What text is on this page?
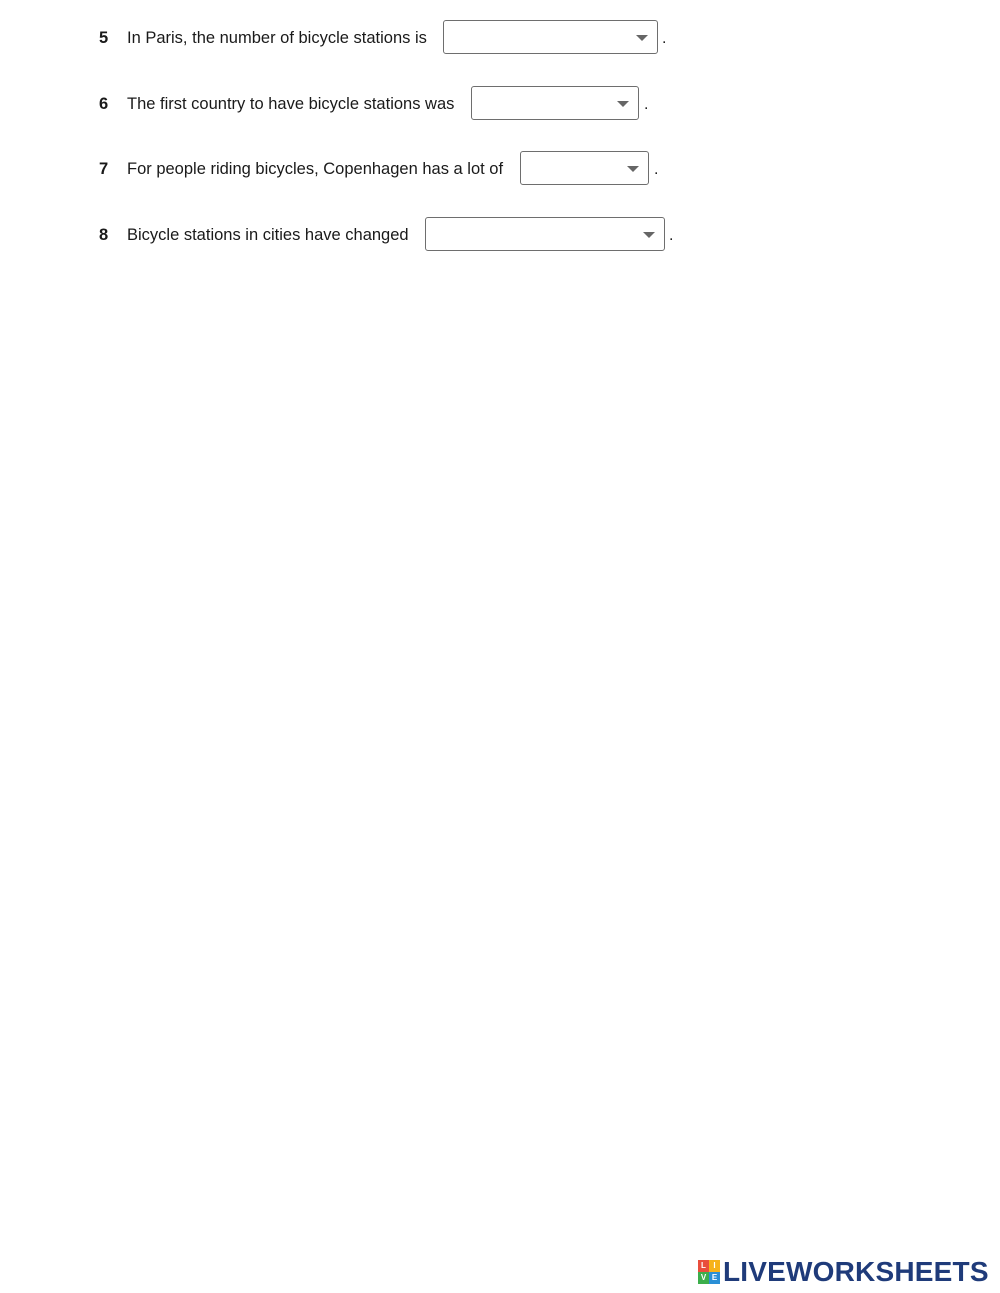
5	In Paris, the number of bicycle stations is	.
6	The first country to have bicycle stations was	.
7	For people riding bicycles, Copenhagen has a lot of	.
8	Bicycle stations in cities have changed	.
L I
V E LIVEWORKSHEETS
